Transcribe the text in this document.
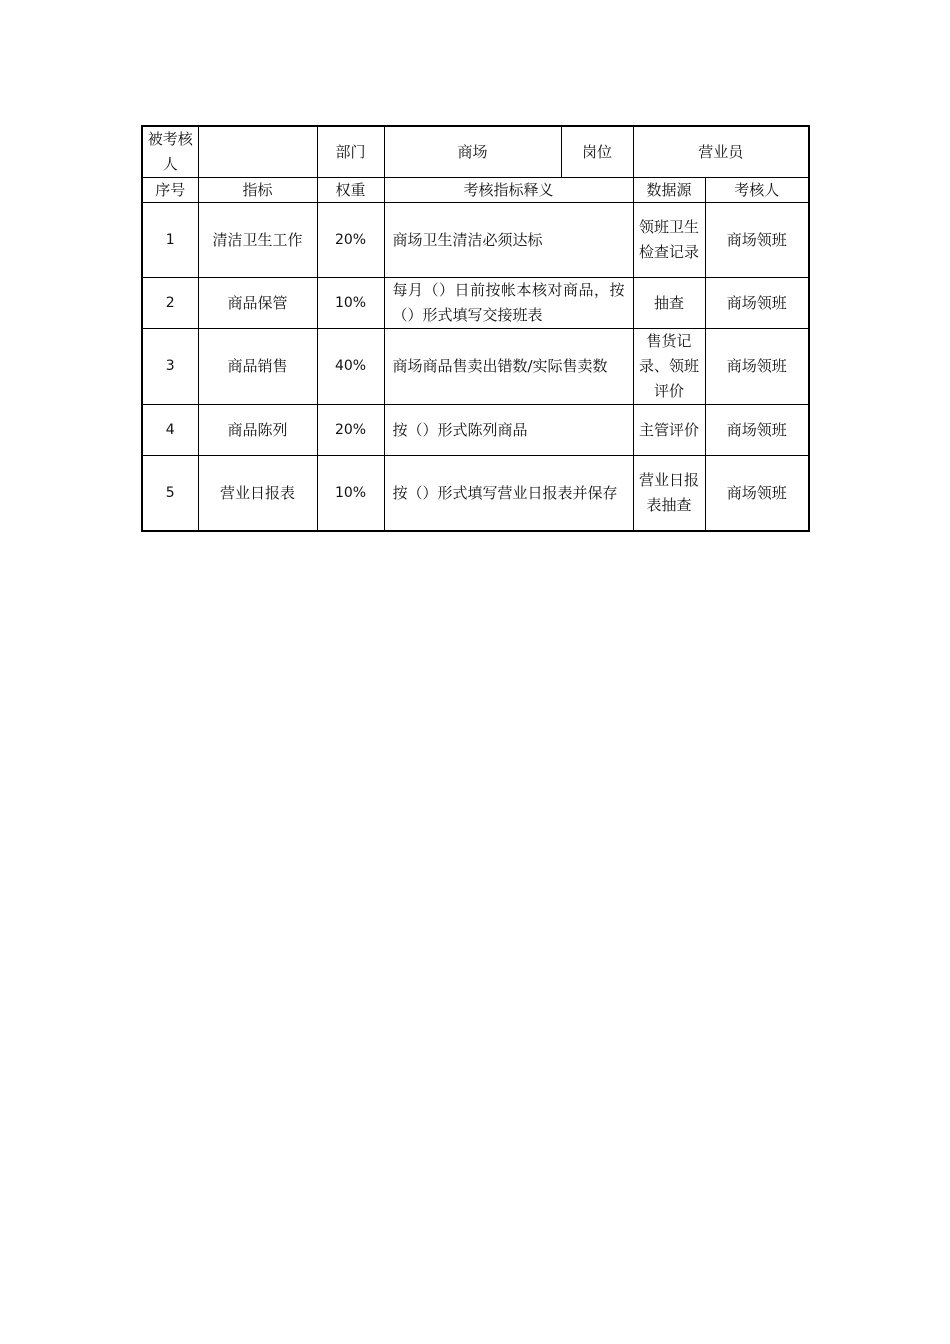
被考核人		部门	商场	岗位	营业员	
序号	指标	权重	考核指标释义		数据源	考核人
1	清洁卫生工作	20%	商场卫生清洁必须达标		领班卫生检查记录	商场领班
2	商品保管	10%	每月（）日前按帐本核对商品，按（）形式填写交接班表		抽查	商场领班
3	商品销售	40%	商场商品售卖出错数/实际售卖数		售货记录、领班评价	商场领班
4	商品陈列	20%	按（）形式陈列商品		主管评价	商场领班
5	营业日报表	10%	按（）形式填写营业日报表并保存		营业日报表抽查	商场领班
